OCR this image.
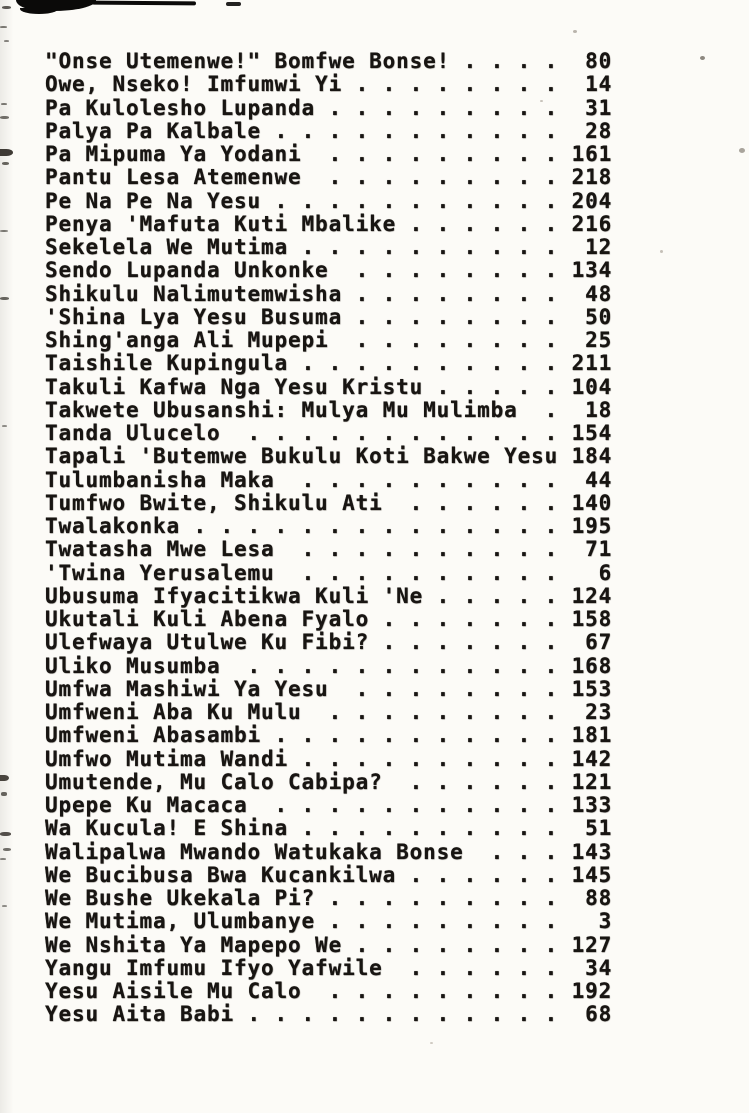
"Onse Utemenwe!" Bomfwe Bonse! . . . . 80
Owe, Nseko! Imfumwi Yi . . . . . . . . 14
Pa Kulolesho Lupanda . . . . . . . . . 31
Palya Pa Kalbale . . . . . . . . . . . 28
Pa Mipuma Ya Yodani  . . . . . . . . . 161
Pantu Lesa Atemenwe  . . . . . . . . . 218
Pe Na Pe Na Yesu . . . . . . . . . . . 204
Penya 'Mafuta Kuti Mbalike . . . . . . 216
Sekelela We Mutima . . . . . . . . . . 12
Sendo Lupanda Unkonke  . . . . . . . . 134
Shikulu Nalimutemwisha . . . . . . . . 48
'Shina Lya Yesu Busuma . . . . . . . . 50
Shing'anga Ali Mupepi  . . . . . . . . 25
Taishile Kupingula . . . . . . . . . . 211
Takuli Kafwa Nga Yesu Kristu . . . . . 104
Takwete Ubusanshi: Mulya Mu Mulimba  . 18
Tanda Ulucelo  . . . . . . . . . . . . 154
Tapali 'Butemwe Bukulu Koti Bakwe Yesu 184
Tulumbanisha Maka  . . . . . . . . . . 44
Tumfwo Bwite, Shikulu Ati  . . . . . . 140
Twalakonka . . . . . . . . . . . . . . 195
Twatasha Mwe Lesa  . . . . . . . . . . 71
'Twina Yerusalemu  . . . . . . . . . . 6
Ubusuma Ifyacitikwa Kuli 'Ne . . . . . 124
Ukutali Kuli Abena Fyalo . . . . . . . 158
Ulefwaya Utulwe Ku Fibi? . . . . . . . 67
Uliko Musumba  . . . . . . . . . . . . 168
Umfwa Mashiwi Ya Yesu  . . . . . . . . 153
Umfweni Aba Ku Mulu  . . . . . . . . . 23
Umfweni Abasambi . . . . . . . . . . . 181
Umfwo Mutima Wandi . . . . . . . . . . 142
Umutende, Mu Calo Cabipa?  . . . . . . 121
Upepe Ku Macaca  . . . . . . . . . . . 133
Wa Kucula! E Shina . . . . . . . . . . 51
Walipalwa Mwando Watukaka Bonse  . . . 143
We Bucibusa Bwa Kucankilwa . . . . . . 145
We Bushe Ukekala Pi? . . . . . . . . . 88
We Mutima, Ulumbanye . . . . . . . . . 3
We Nshita Ya Mapepo We . . . . . . . . 127
Yangu Imfumu Ifyo Yafwile  . . . . . . 34
Yesu Aisile Mu Calo  . . . . . . . . . 192
Yesu Aita Babi . . . . . . . . . . . . 68
